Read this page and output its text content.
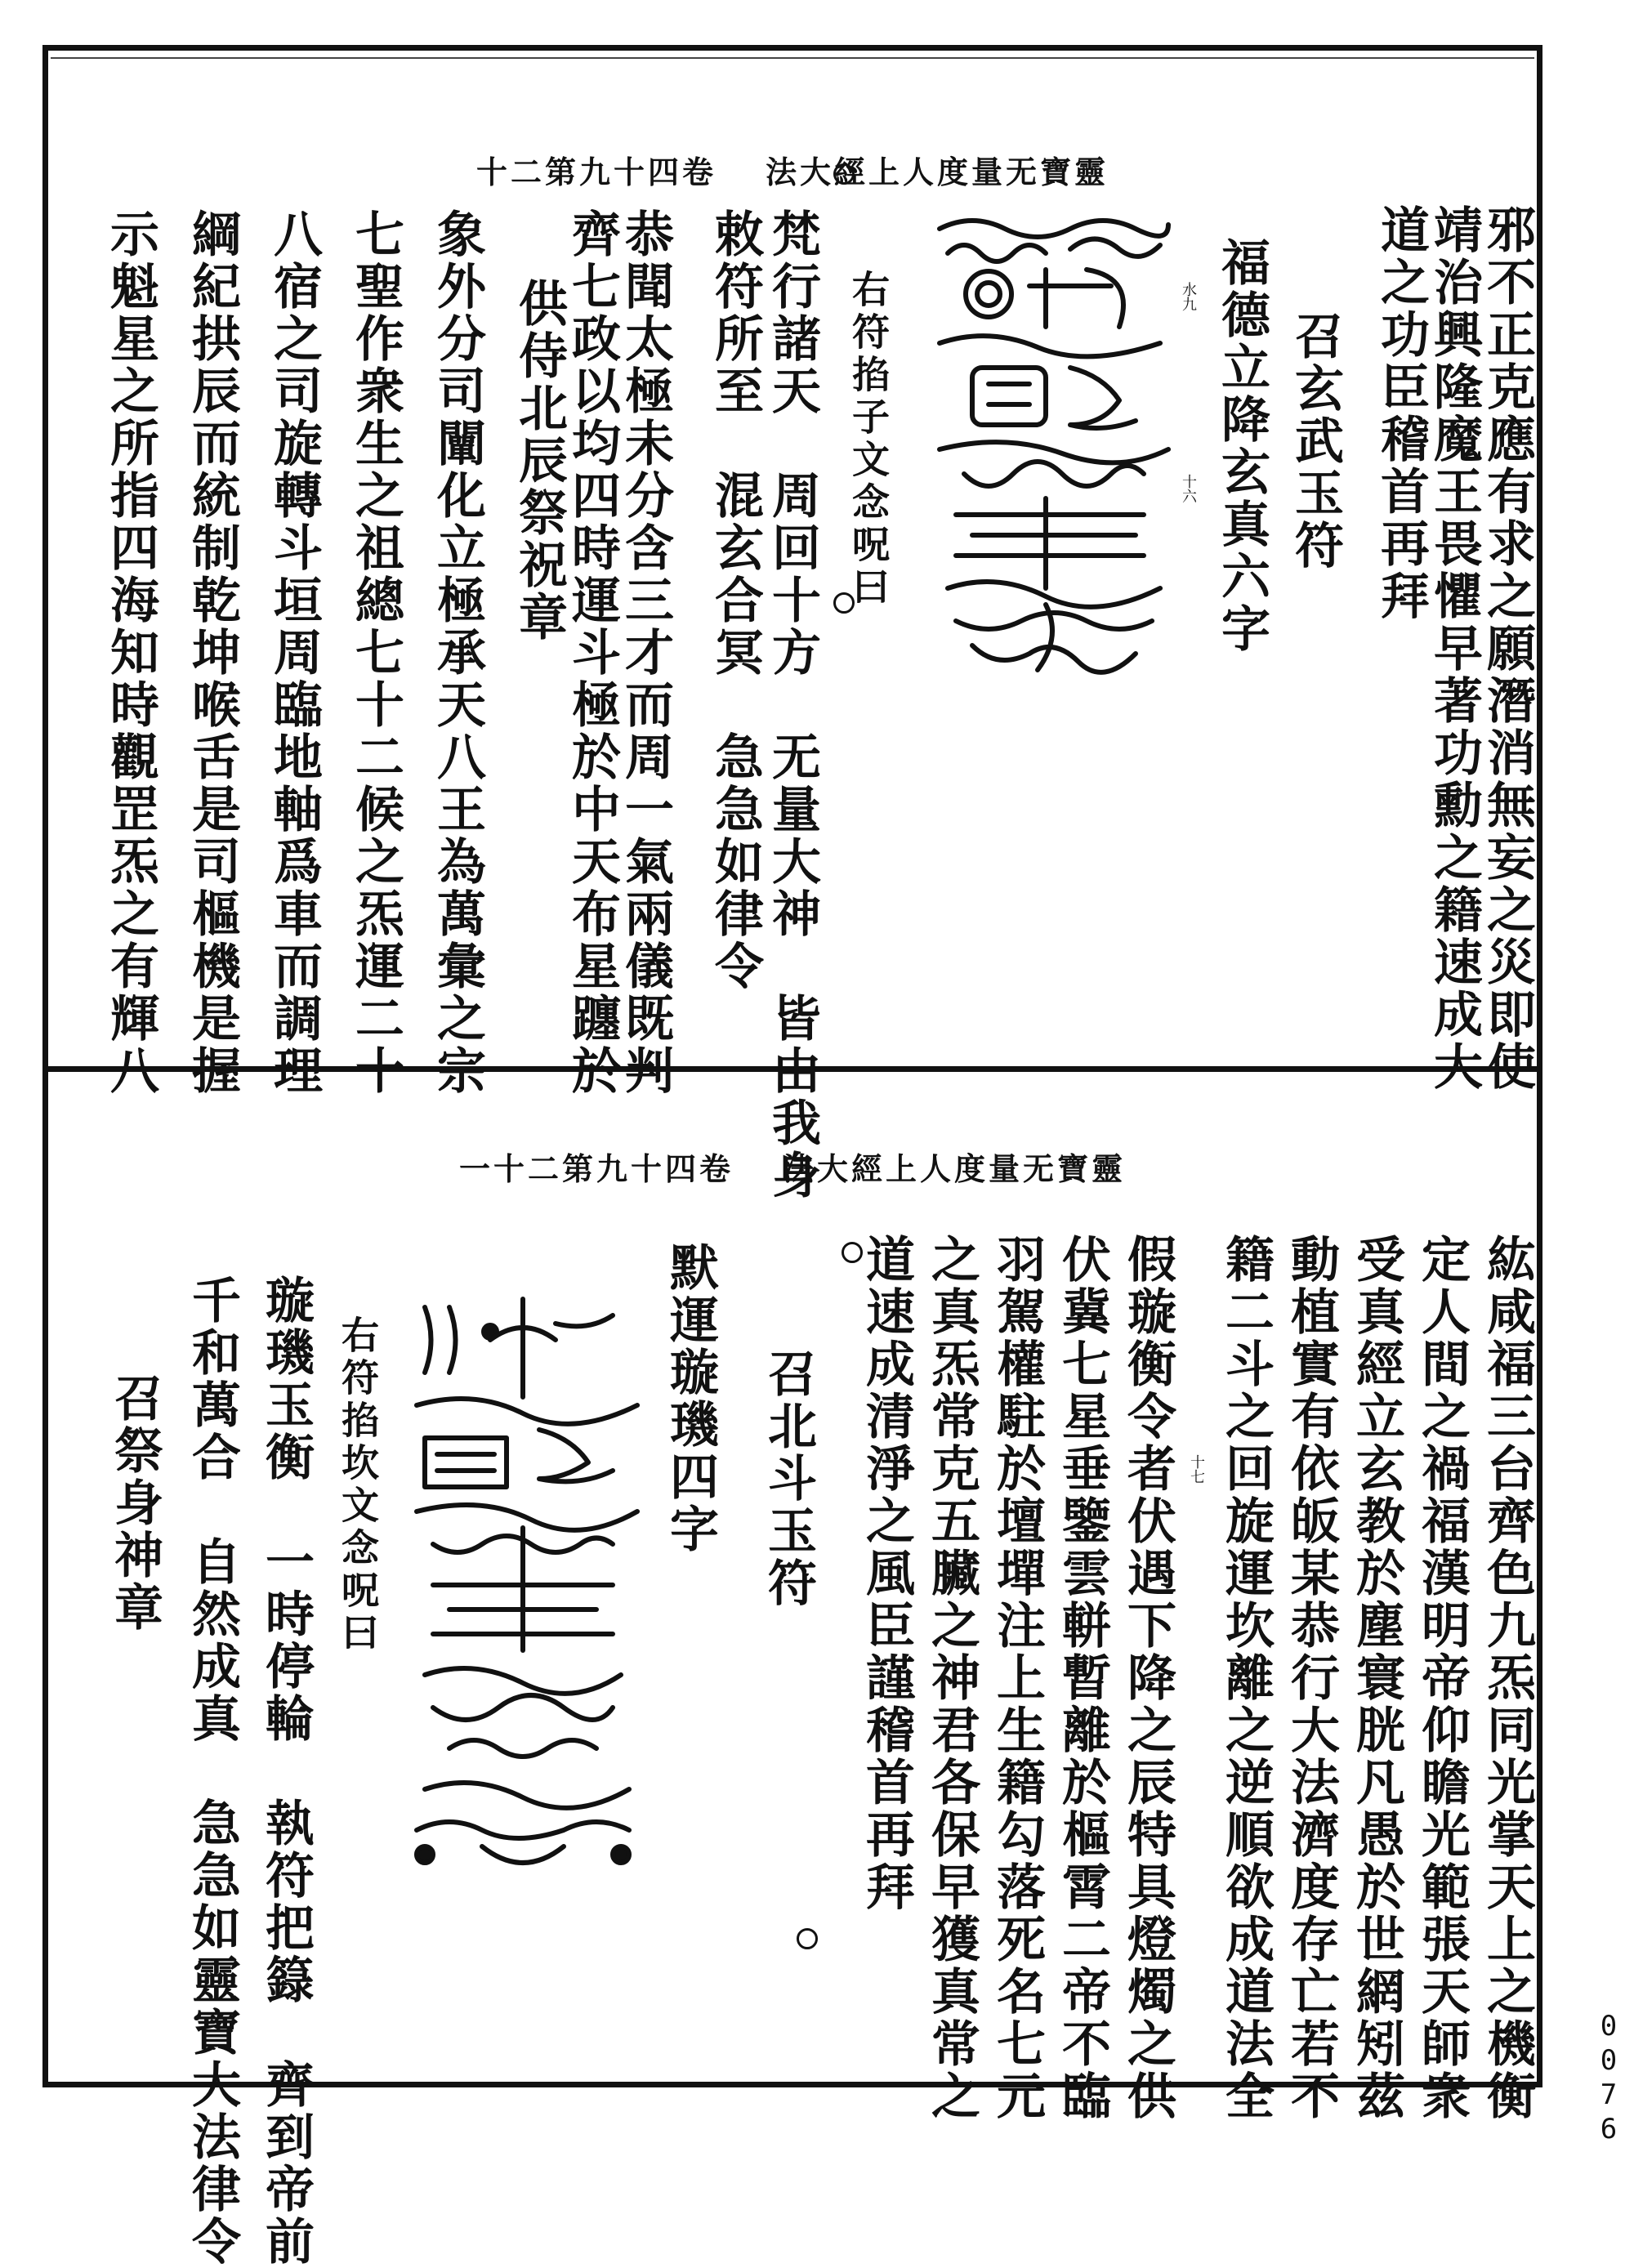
靈寶无量度人上經大法卷四十九第二十
邪不正克應有求之願潛消無妄之災即使
靖治興隆魔王畏懼早著功勳之籍速成大
道之功臣稽首再拜
召玄武玉符
福德立降玄真六字
水九
十六
右符掐子文念呪曰
梵行諸天　周回十方　无量大神　皆由我身
敕符所至　混玄合冥　急急如律令
恭聞太極未分含三才而周一氣兩儀既判
齊七政以均四時運斗極於中天布星躔於
供侍北辰祭祝章
象外分司闡化立極承天八王為萬彙之宗
七聖作衆生之祖總七十二候之炁運二十
八宿之司旋轉斗垣周臨地軸爲車而調理
綱紀拱辰而統制乾坤喉舌是司樞機是握
示魁星之所指四海知時觀罡炁之有輝八
靈寶无量度人上經大法卷四十九第二十一
紘咸福三台齊色九炁同光掌天上之機衡
定人間之禍福漢明帝仰瞻光範張天師衆
受真經立玄教於塵寰胱凡愚於世網矧茲
動植實有依皈某恭行大法濟度存亡若不
籍二斗之回旋運坎離之逆順欲成道法全
十七
假璇衡令者伏遇下降之辰特具燈燭之供
伏冀七星垂鑒雲軿暫離於樞霄二帝不臨
羽駕權駐於壇墠注上生籍勾落死名七元
之真炁常克五臟之神君各保早獲真常之
道速成清淨之風臣謹稽首再拜
召北斗玉符
默運璇璣四字
右符掐坎文念呪曰
璇璣玉衡　一時停輪　執符把籙　齊到帝前
千和萬合　自然成真　急急如靈寶大法律令
召祭身神章
0076
